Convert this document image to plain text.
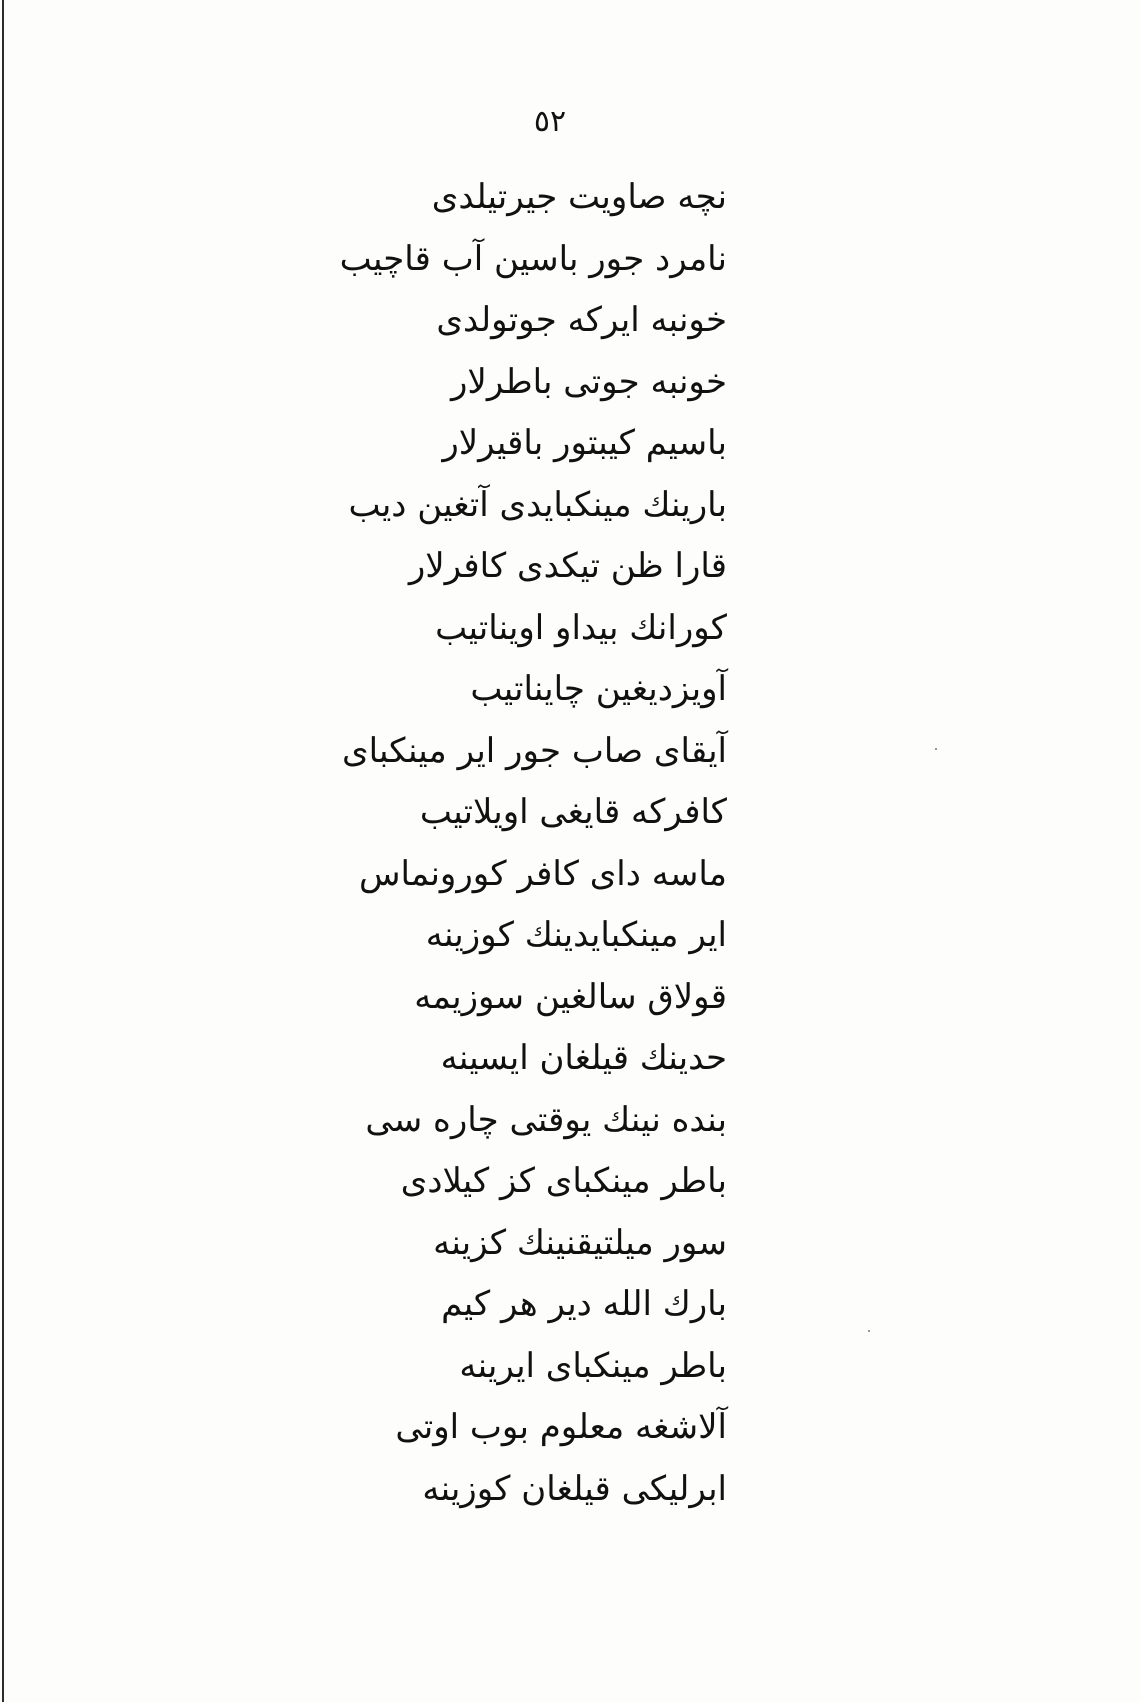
٥٢
نچه صاویت جیرتیلدی
نامرد جور باسین آب قاچیب
خونبه ایرکه جوتولدی
خونبه جوتی باطرلار
باسیم کیبتور باقیرلار
بارینك مینكبایدی آتغین دیب
قارا ظن تیکدی کافرلار
کورانك بیداو اویناتیب
آویزدیغین چایناتیب
آیقای صاب جور ایر مینكبای
کافرکه قایغی اویلاتیب
ماسه دای کافر کورونماس
ایر مینكبایدینك کوزینه
قولاق سالغین سوزیمه
حدینك قیلغان ایسینه
بنده نینك یوقتی چاره سی
باطر مینكبای کز کیلادی
سور میلتیقنینك کزینه
بارك الله دیر هر کیم
باطر مینكبای ایرینه
آلاشغه معلوم بوب اوتی
ابرلیکی قیلغان کوزینه
